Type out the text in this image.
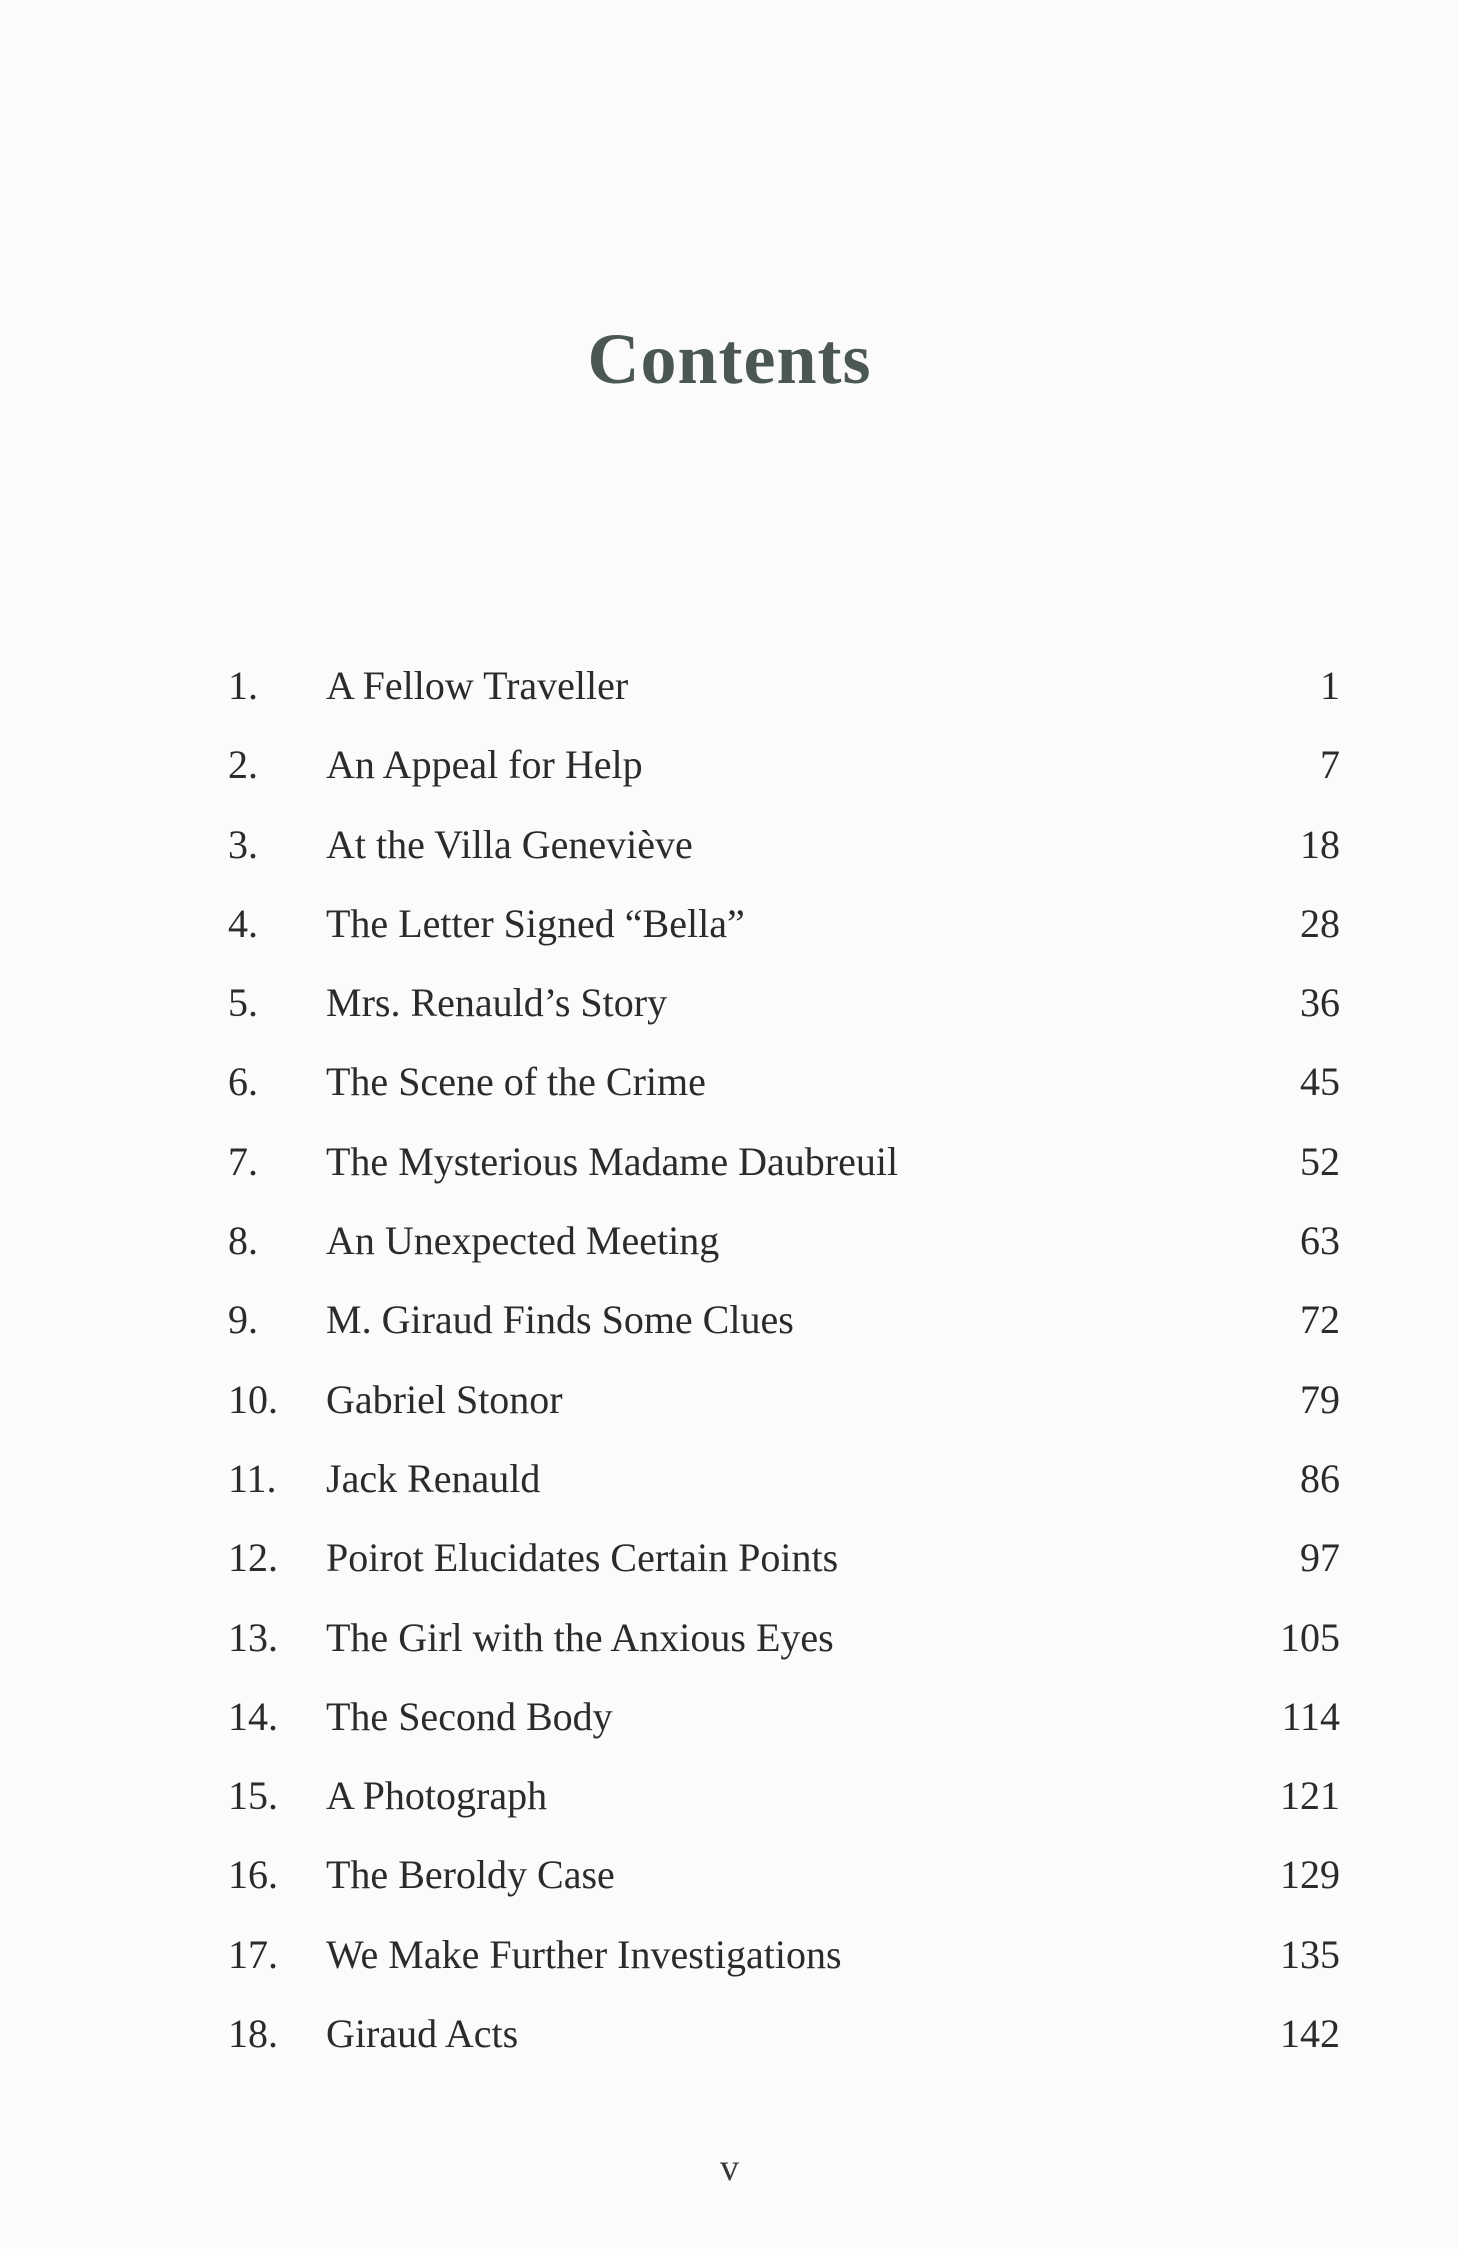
Contents
1.	A Fellow Traveller	1
2.	An Appeal for Help	7
3.	At the Villa Geneviève	18
4.	The Letter Signed “Bella”	28
5.	Mrs. Renauld’s Story	36
6.	The Scene of the Crime	45
7.	The Mysterious Madame Daubreuil	52
8.	An Unexpected Meeting	63
9.	M. Giraud Finds Some Clues	72
10.	Gabriel Stonor	79
11.	Jack Renauld	86
12.	Poirot Elucidates Certain Points	97
13.	The Girl with the Anxious Eyes	105
14.	The Second Body	114
15.	A Photograph	121
16.	The Beroldy Case	129
17.	We Make Further Investigations	135
18.	Giraud Acts	142
v
